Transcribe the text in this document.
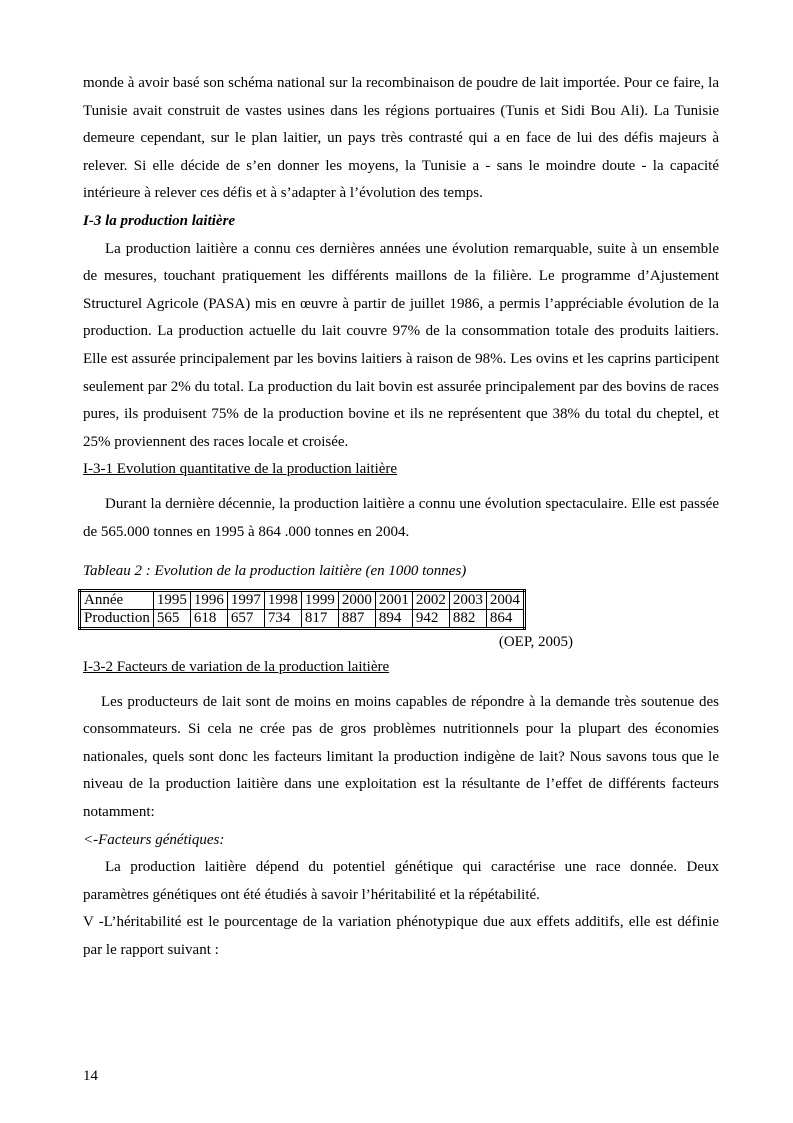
monde à avoir basé son schéma national sur la recombinaison de poudre de lait importée. Pour ce faire, la Tunisie avait construit de vastes usines dans les régions portuaires (Tunis et Sidi Bou Ali). La Tunisie demeure cependant, sur le plan laitier, un pays très contrasté qui a en face de lui des défis majeurs à relever. Si elle décide de s’en donner les moyens, la Tunisie a - sans le moindre doute - la capacité intérieure à relever ces défis et à s’adapter à l’évolution des temps.

I-3 la production laitière

La production laitière a connu ces dernières années une évolution remarquable, suite à un ensemble de mesures, touchant pratiquement les différents maillons de la filière. Le programme d’Ajustement Structurel Agricole (PASA) mis en œuvre à partir de juillet 1986, a permis l’appréciable évolution de la production. La production actuelle du lait couvre 97% de la consommation totale des produits laitiers. Elle est assurée principalement par les bovins laitiers à raison de 98%. Les ovins et les caprins participent seulement par 2% du total. La production du lait bovin est assurée principalement par des bovins de races pures, ils produisent 75% de la production bovine et ils ne représentent que 38% du total du cheptel, et 25% proviennent des races locale et croisée.

I-3-1 Evolution quantitative de la production laitière

Durant la dernière décennie, la production laitière a connu une évolution spectaculaire. Elle est passée de 565.000 tonnes en 1995 à 864 .000 tonnes en 2004.

Tableau 2 : Evolution de la production laitière (en 1000 tonnes)

Année	1995	1996	1997	1998	1999	2000	2001	2002	2003	2004
Production	565	618	657	734	817	887	894	942	882	864
(OEP, 2005)

I-3-2 Facteurs de variation de la production laitière

Les producteurs de lait sont de moins en moins capables de répondre à la demande très soutenue des consommateurs. Si cela ne crée pas de gros problèmes nutritionnels pour la plupart des économies nationales, quels sont donc les facteurs limitant la production indigène de lait? Nous savons tous que le niveau de la production laitière dans une exploitation est la résultante de l’effet de différents facteurs notamment:

<-Facteurs génétiques:

La production laitière dépend du potentiel génétique qui caractérise une race donnée. Deux paramètres génétiques ont été étudiés à savoir l’héritabilité et la répétabilité.

V -L’héritabilité est le pourcentage de la variation phénotypique due aux effets additifs, elle est définie par le rapport suivant :

14
